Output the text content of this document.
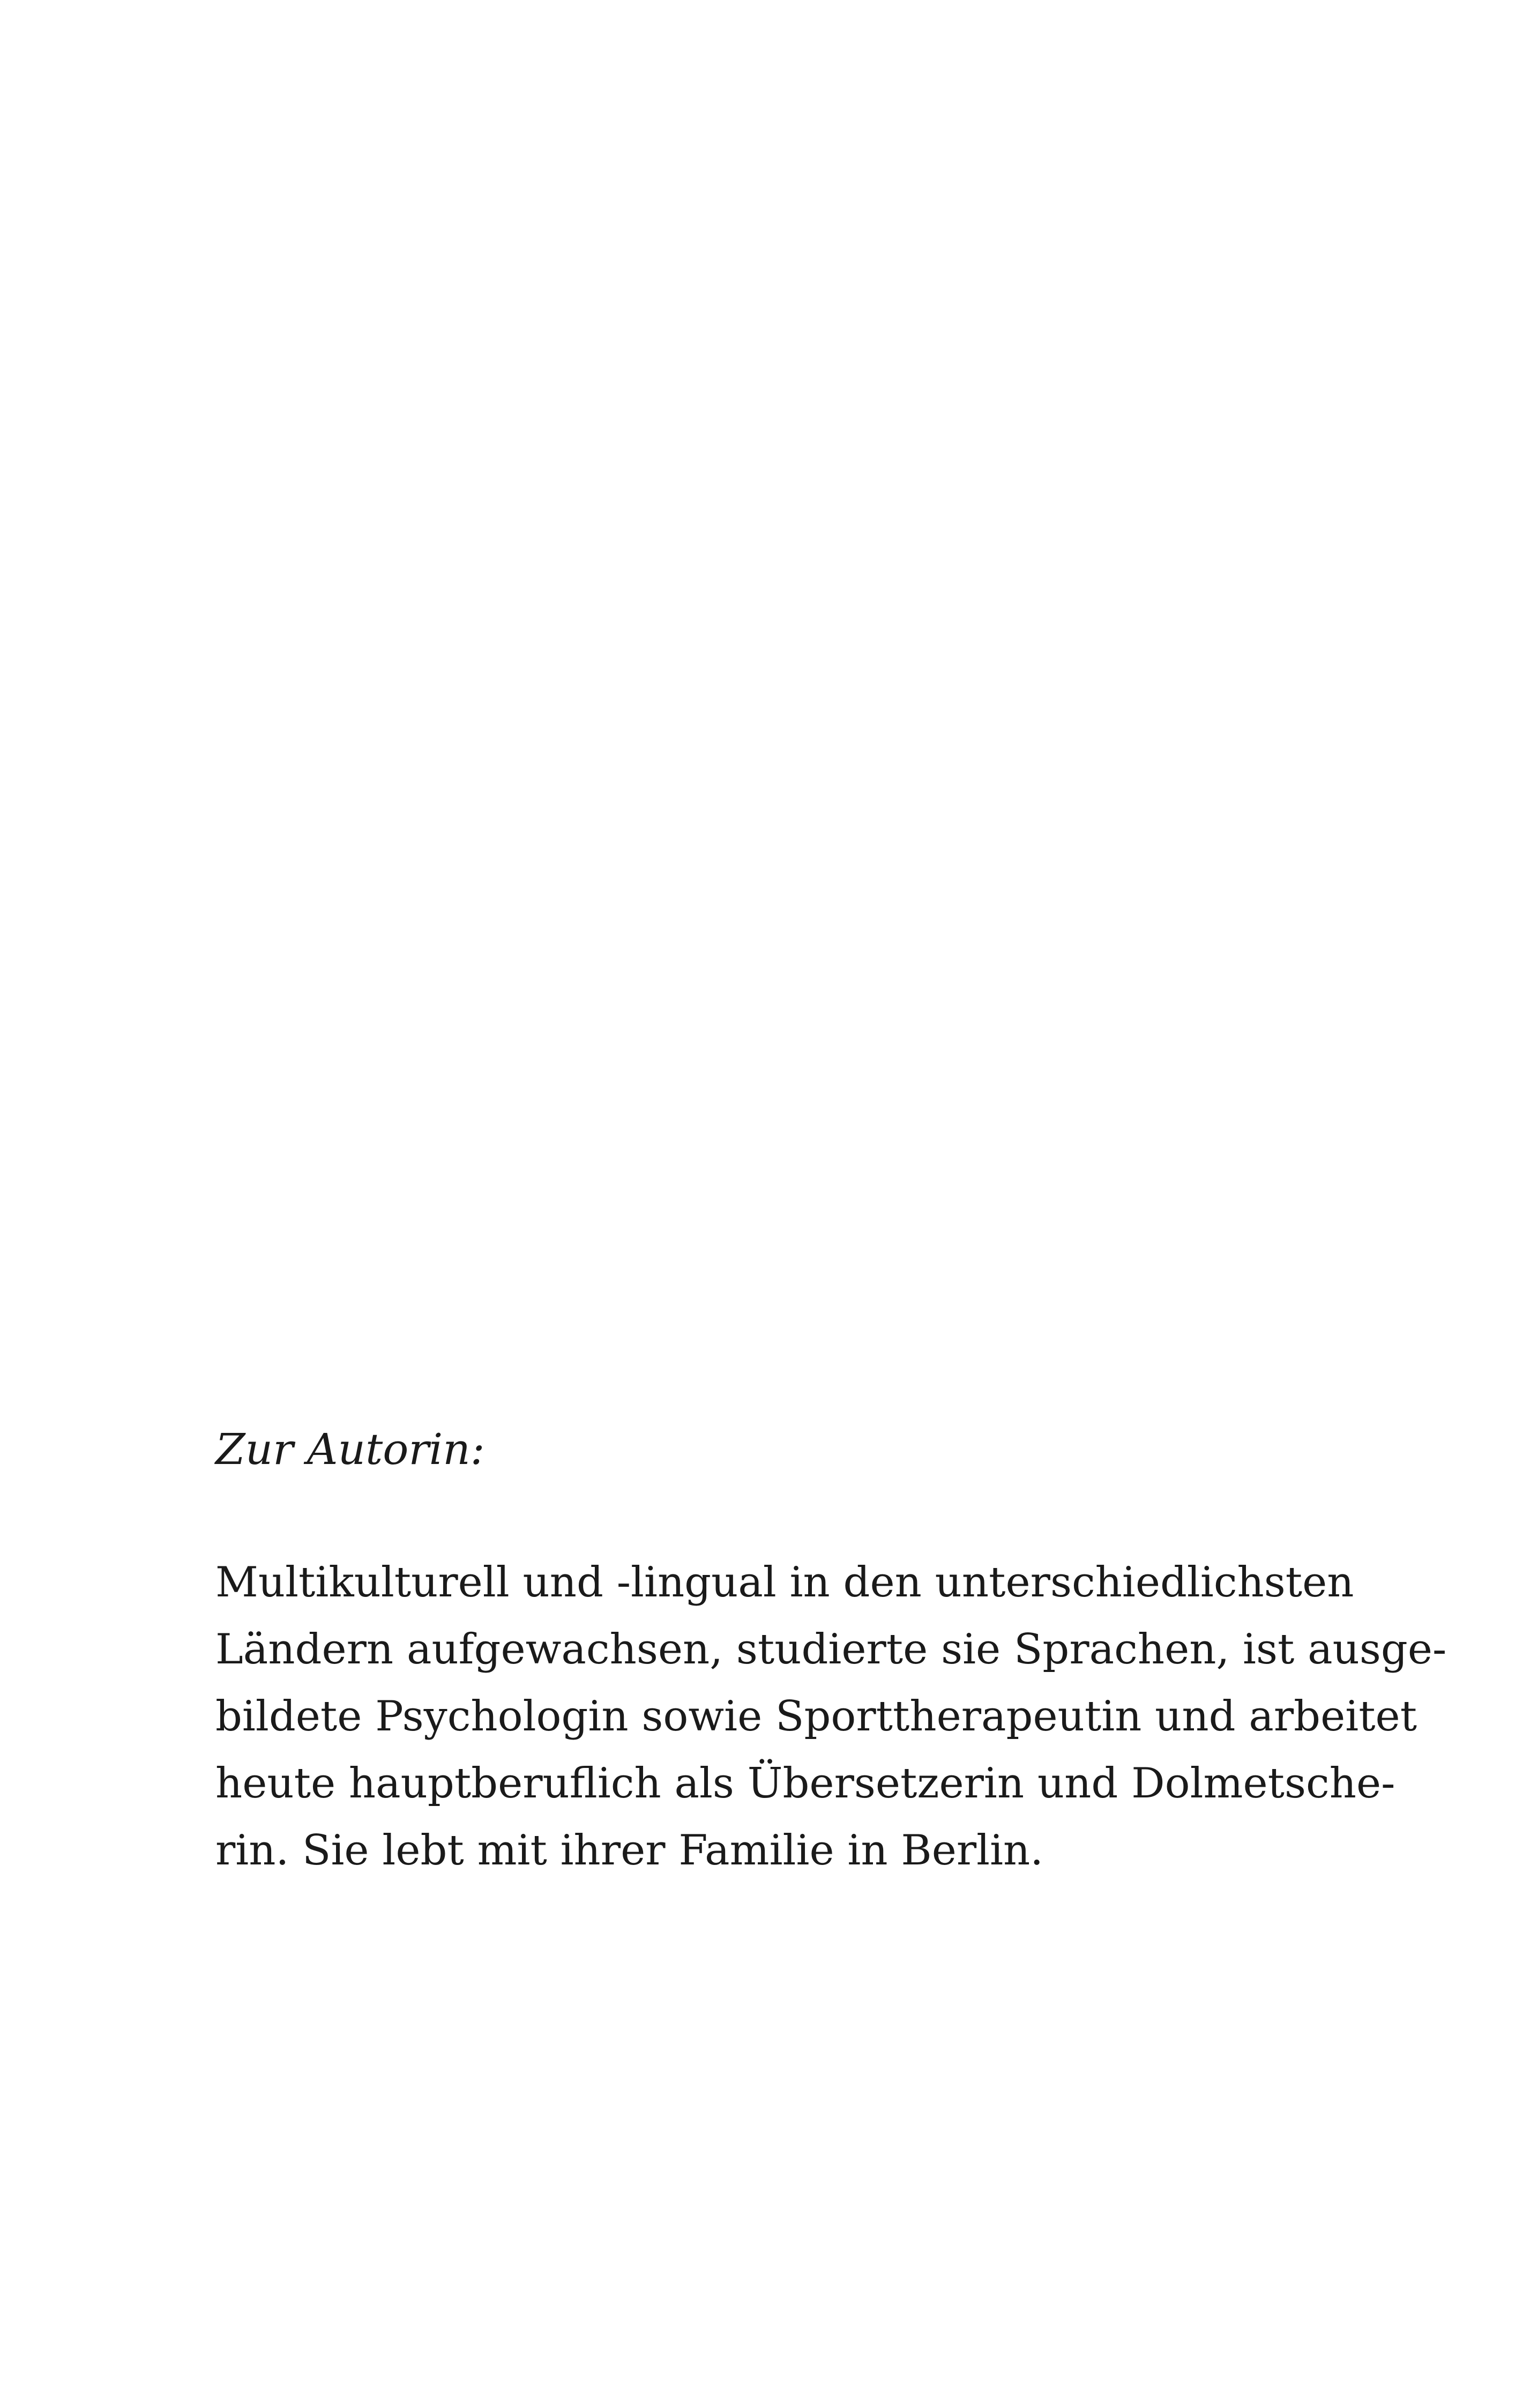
Zur Autorin:

Multikulturell und -lingual in den unterschiedlichsten
Ländern aufgewachsen, studierte sie Sprachen, ist ausge-
bildete Psychologin sowie Sporttherapeutin und arbeitet
heute hauptberuflich als Übersetzerin und Dolmetsche-
rin. Sie lebt mit ihrer Familie in Berlin.
